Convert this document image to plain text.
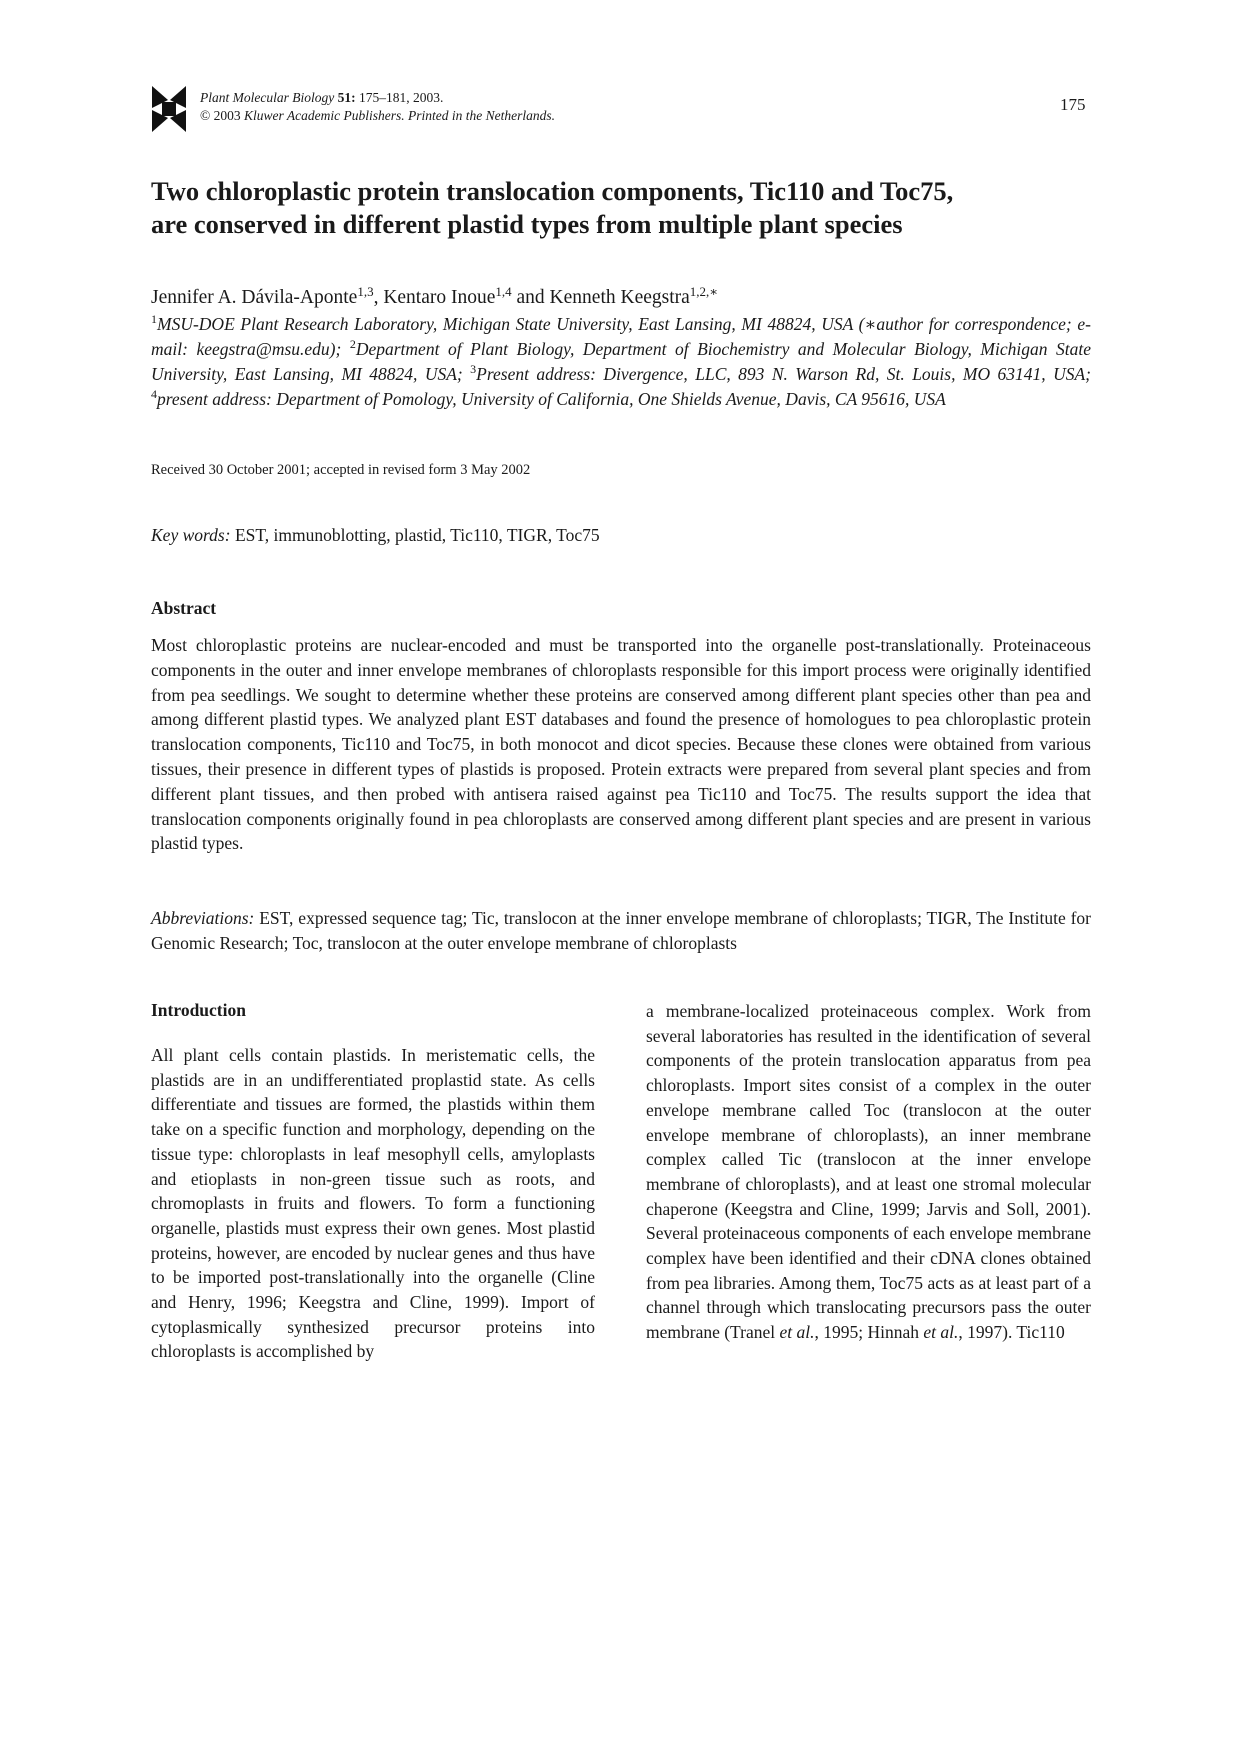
Plant Molecular Biology 51: 175–181, 2003.
© 2003 Kluwer Academic Publishers. Printed in the Netherlands.
175
Two chloroplastic protein translocation components, Tic110 and Toc75,
are conserved in different plastid types from multiple plant species
Jennifer A. Dávila-Aponte$^{1,3}$, Kentaro Inoue$^{1,4}$ and Kenneth Keegstra$^{1,2,∗}$

$^1$MSU-DOE Plant Research Laboratory, Michigan State University, East Lansing, MI 48824, USA (∗author for correspondence; e-mail: keegstra@msu.edu); $^2$Department of Plant Biology, Department of Biochemistry and Molecular Biology, Michigan State University, East Lansing, MI 48824, USA; $^3$Present address: Divergence, LLC, 893 N. Warson Rd, St. Louis, MO 63141, USA; $^4$present address: Department of Pomology, University of California, One Shields Avenue, Davis, CA 95616, USA

Received 30 October 2001; accepted in revised form 3 May 2002
Key words: EST, immunoblotting, plastid, Tic110, TIGR, Toc75
Abstract

Most chloroplastic proteins are nuclear-encoded and must be transported into the organelle post-translationally. Proteinaceous components in the outer and inner envelope membranes of chloroplasts responsible for this import process were originally identified from pea seedlings. We sought to determine whether these proteins are conserved among different plant species other than pea and among different plastid types. We analyzed plant EST databases and found the presence of homologues to pea chloroplastic protein translocation components, Tic110 and Toc75, in both monocot and dicot species. Because these clones were obtained from various tissues, their presence in different types of plastids is proposed. Protein extracts were prepared from several plant species and from different plant tissues, and then probed with antisera raised against pea Tic110 and Toc75. The results support the idea that translocation components originally found in pea chloroplasts are conserved among different plant species and are present in various plastid types.

Abbreviations: EST, expressed sequence tag; Tic, translocon at the inner envelope membrane of chloroplasts; TIGR, The Institute for Genomic Research; Toc, translocon at the outer envelope membrane of chloroplasts

Introduction

All plant cells contain plastids. In meristematic cells, the plastids are in an undifferentiated proplastid state. As cells differentiate and tissues are formed, the plastids within them take on a specific function and morphology, depending on the tissue type: chloroplasts in leaf mesophyll cells, amyloplasts and etioplasts in non-green tissue such as roots, and chromoplasts in fruits and flowers. To form a functioning organelle, plastids must express their own genes. Most plastid proteins, however, are encoded by nuclear genes and thus have to be imported post-translationally into the organelle (Cline and Henry, 1996; Keegstra and Cline, 1999). Import of cytoplasmically synthesized precursor proteins into chloroplasts is accomplished by

a membrane-localized proteinaceous complex. Work from several laboratories has resulted in the identification of several components of the protein translocation apparatus from pea chloroplasts. Import sites consist of a complex in the outer envelope membrane called Toc (translocon at the outer envelope membrane of chloroplasts), an inner membrane complex called Tic (translocon at the inner envelope membrane of chloroplasts), and at least one stromal molecular chaperone (Keegstra and Cline, 1999; Jarvis and Soll, 2001). Several proteinaceous components of each envelope membrane complex have been identified and their cDNA clones obtained from pea libraries. Among them, Toc75 acts as at least part of a channel through which translocating precursors pass the outer membrane (Tranel et al., 1995; Hinnah et al., 1997). Tic110
